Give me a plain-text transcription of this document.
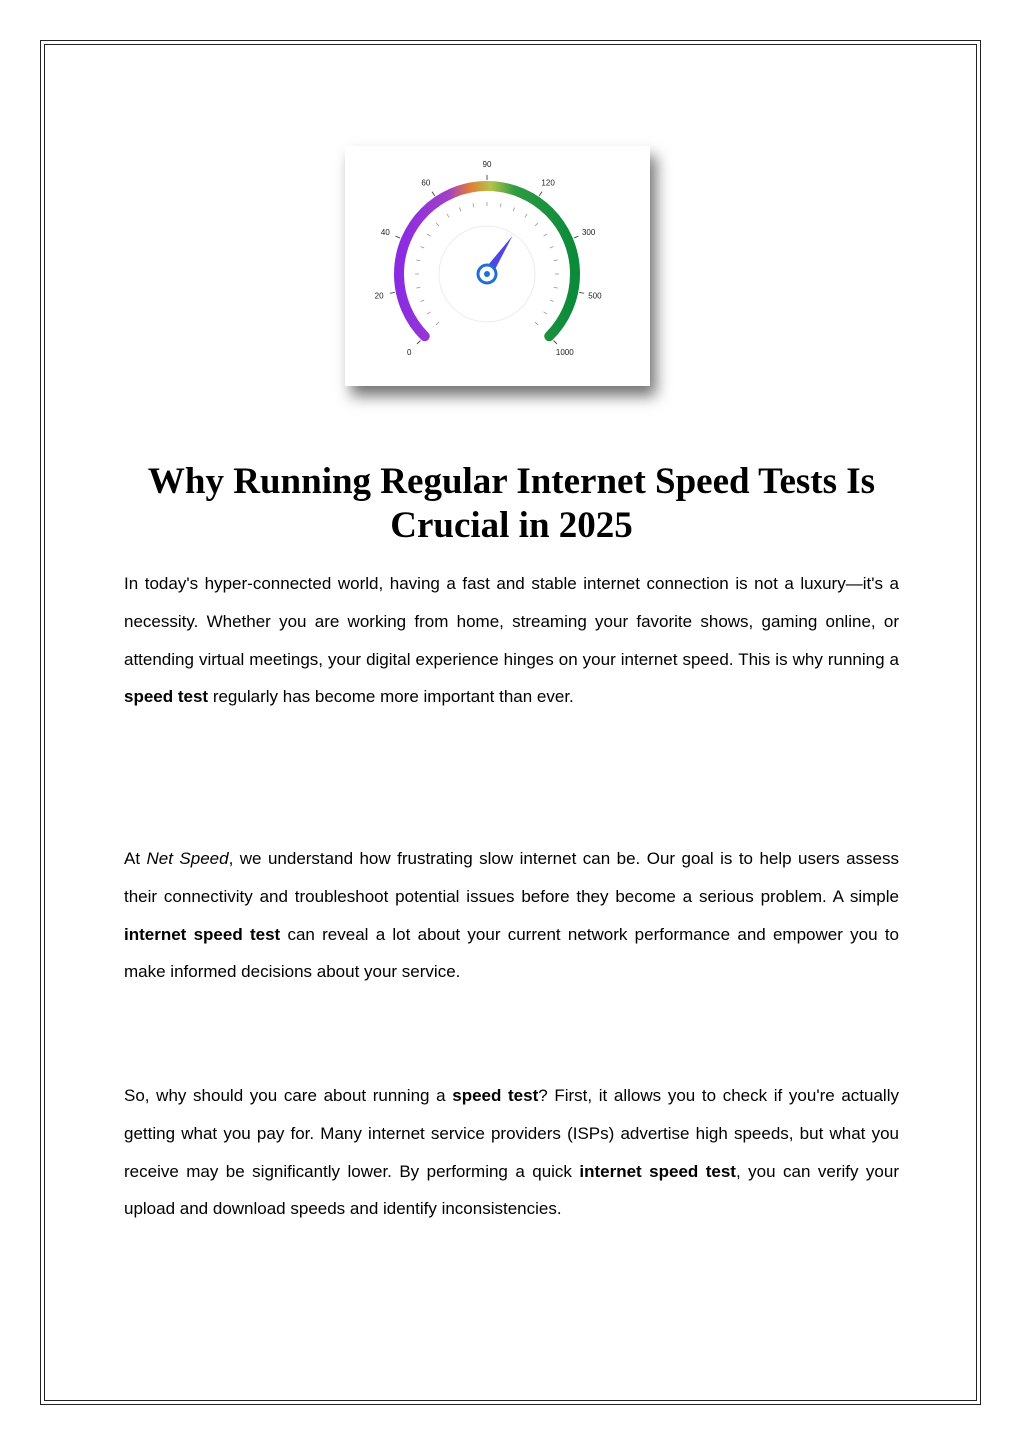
0
20
40
60
90
120
300
500
1000
Why Running Regular Internet Speed Tests Is Crucial in 2025

In today's hyper-connected world, having a fast and stable internet connection is not a luxury—it's a necessity. Whether you are working from home, streaming your favorite shows, gaming online, or attending virtual meetings, your digital experience hinges on your internet speed. This is why running a speed test regularly has become more important than ever.

At Net Speed, we understand how frustrating slow internet can be. Our goal is to help users assess their connectivity and troubleshoot potential issues before they become a serious problem. A simple internet speed test can reveal a lot about your current network performance and empower you to make informed decisions about your service.

So, why should you care about running a speed test? First, it allows you to check if you're actually getting what you pay for. Many internet service providers (ISPs) advertise high speeds, but what you receive may be significantly lower. By performing a quick internet speed test, you can verify your upload and download speeds and identify inconsistencies.
